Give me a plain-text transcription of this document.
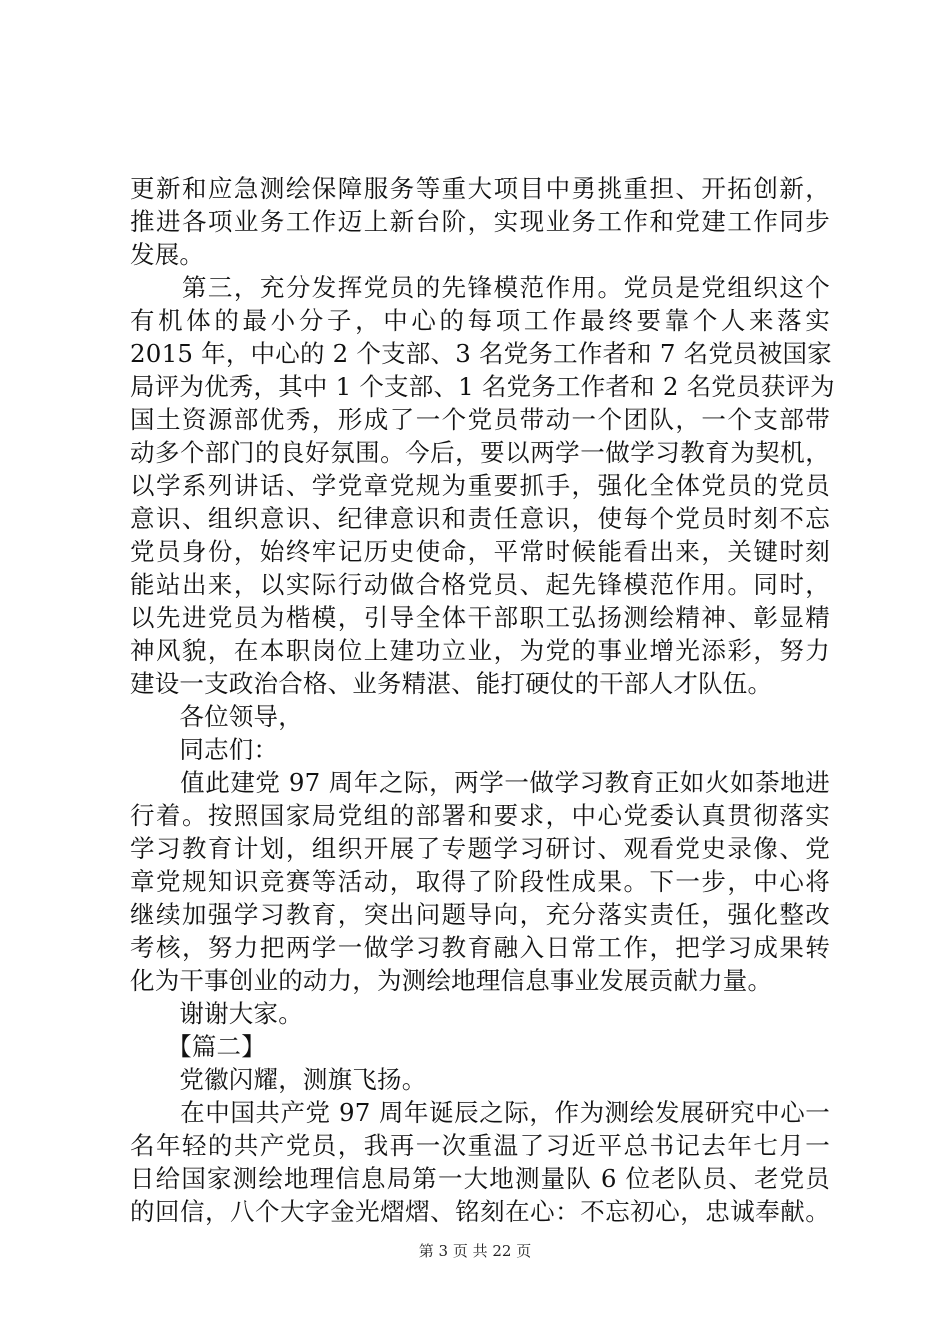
更新和应急测绘保障服务等重大项目中勇挑重担、开拓创新，
推进各项业务工作迈上新台阶，实现业务工作和党建工作同步
发展。
　　第三，充分发挥党员的先锋模范作用。党员是党组织这个
有机体的最小分子，中心的每项工作最终要靠个人来落实
2015 年，中心的 2 个支部、3 名党务工作者和 7 名党员被国家
局评为优秀，其中 1 个支部、1 名党务工作者和 2 名党员获评为
国土资源部优秀，形成了一个党员带动一个团队，一个支部带
动多个部门的良好氛围。今后，要以两学一做学习教育为契机，
以学系列讲话、学党章党规为重要抓手，强化全体党员的党员
意识、组织意识、纪律意识和责任意识，使每个党员时刻不忘
党员身份，始终牢记历史使命，平常时候能看出来，关键时刻
能站出来，以实际行动做合格党员、起先锋模范作用。同时，
以先进党员为楷模，引导全体干部职工弘扬测绘精神、彰显精
神风貌，在本职岗位上建功立业，为党的事业增光添彩，努力
建设一支政治合格、业务精湛、能打硬仗的干部人才队伍。
　　各位领导，
　　同志们：
　　值此建党 97 周年之际，两学一做学习教育正如火如荼地进
行着。按照国家局党组的部署和要求，中心党委认真贯彻落实
学习教育计划，组织开展了专题学习研讨、观看党史录像、党
章党规知识竞赛等活动，取得了阶段性成果。下一步，中心将
继续加强学习教育，突出问题导向，充分落实责任，强化整改
考核，努力把两学一做学习教育融入日常工作，把学习成果转
化为干事创业的动力，为测绘地理信息事业发展贡献力量。
　　谢谢大家。
　　【篇二】
　　党徽闪耀，测旗飞扬。
　　在中国共产党 97 周年诞辰之际，作为测绘发展研究中心一
名年轻的共产党员，我再一次重温了习近平总书记去年七月一
日给国家测绘地理信息局第一大地测量队 6 位老队员、老党员
的回信，八个大字金光熠熠、铭刻在心：不忘初心，忠诚奉献。
第 3 页 共 22 页
